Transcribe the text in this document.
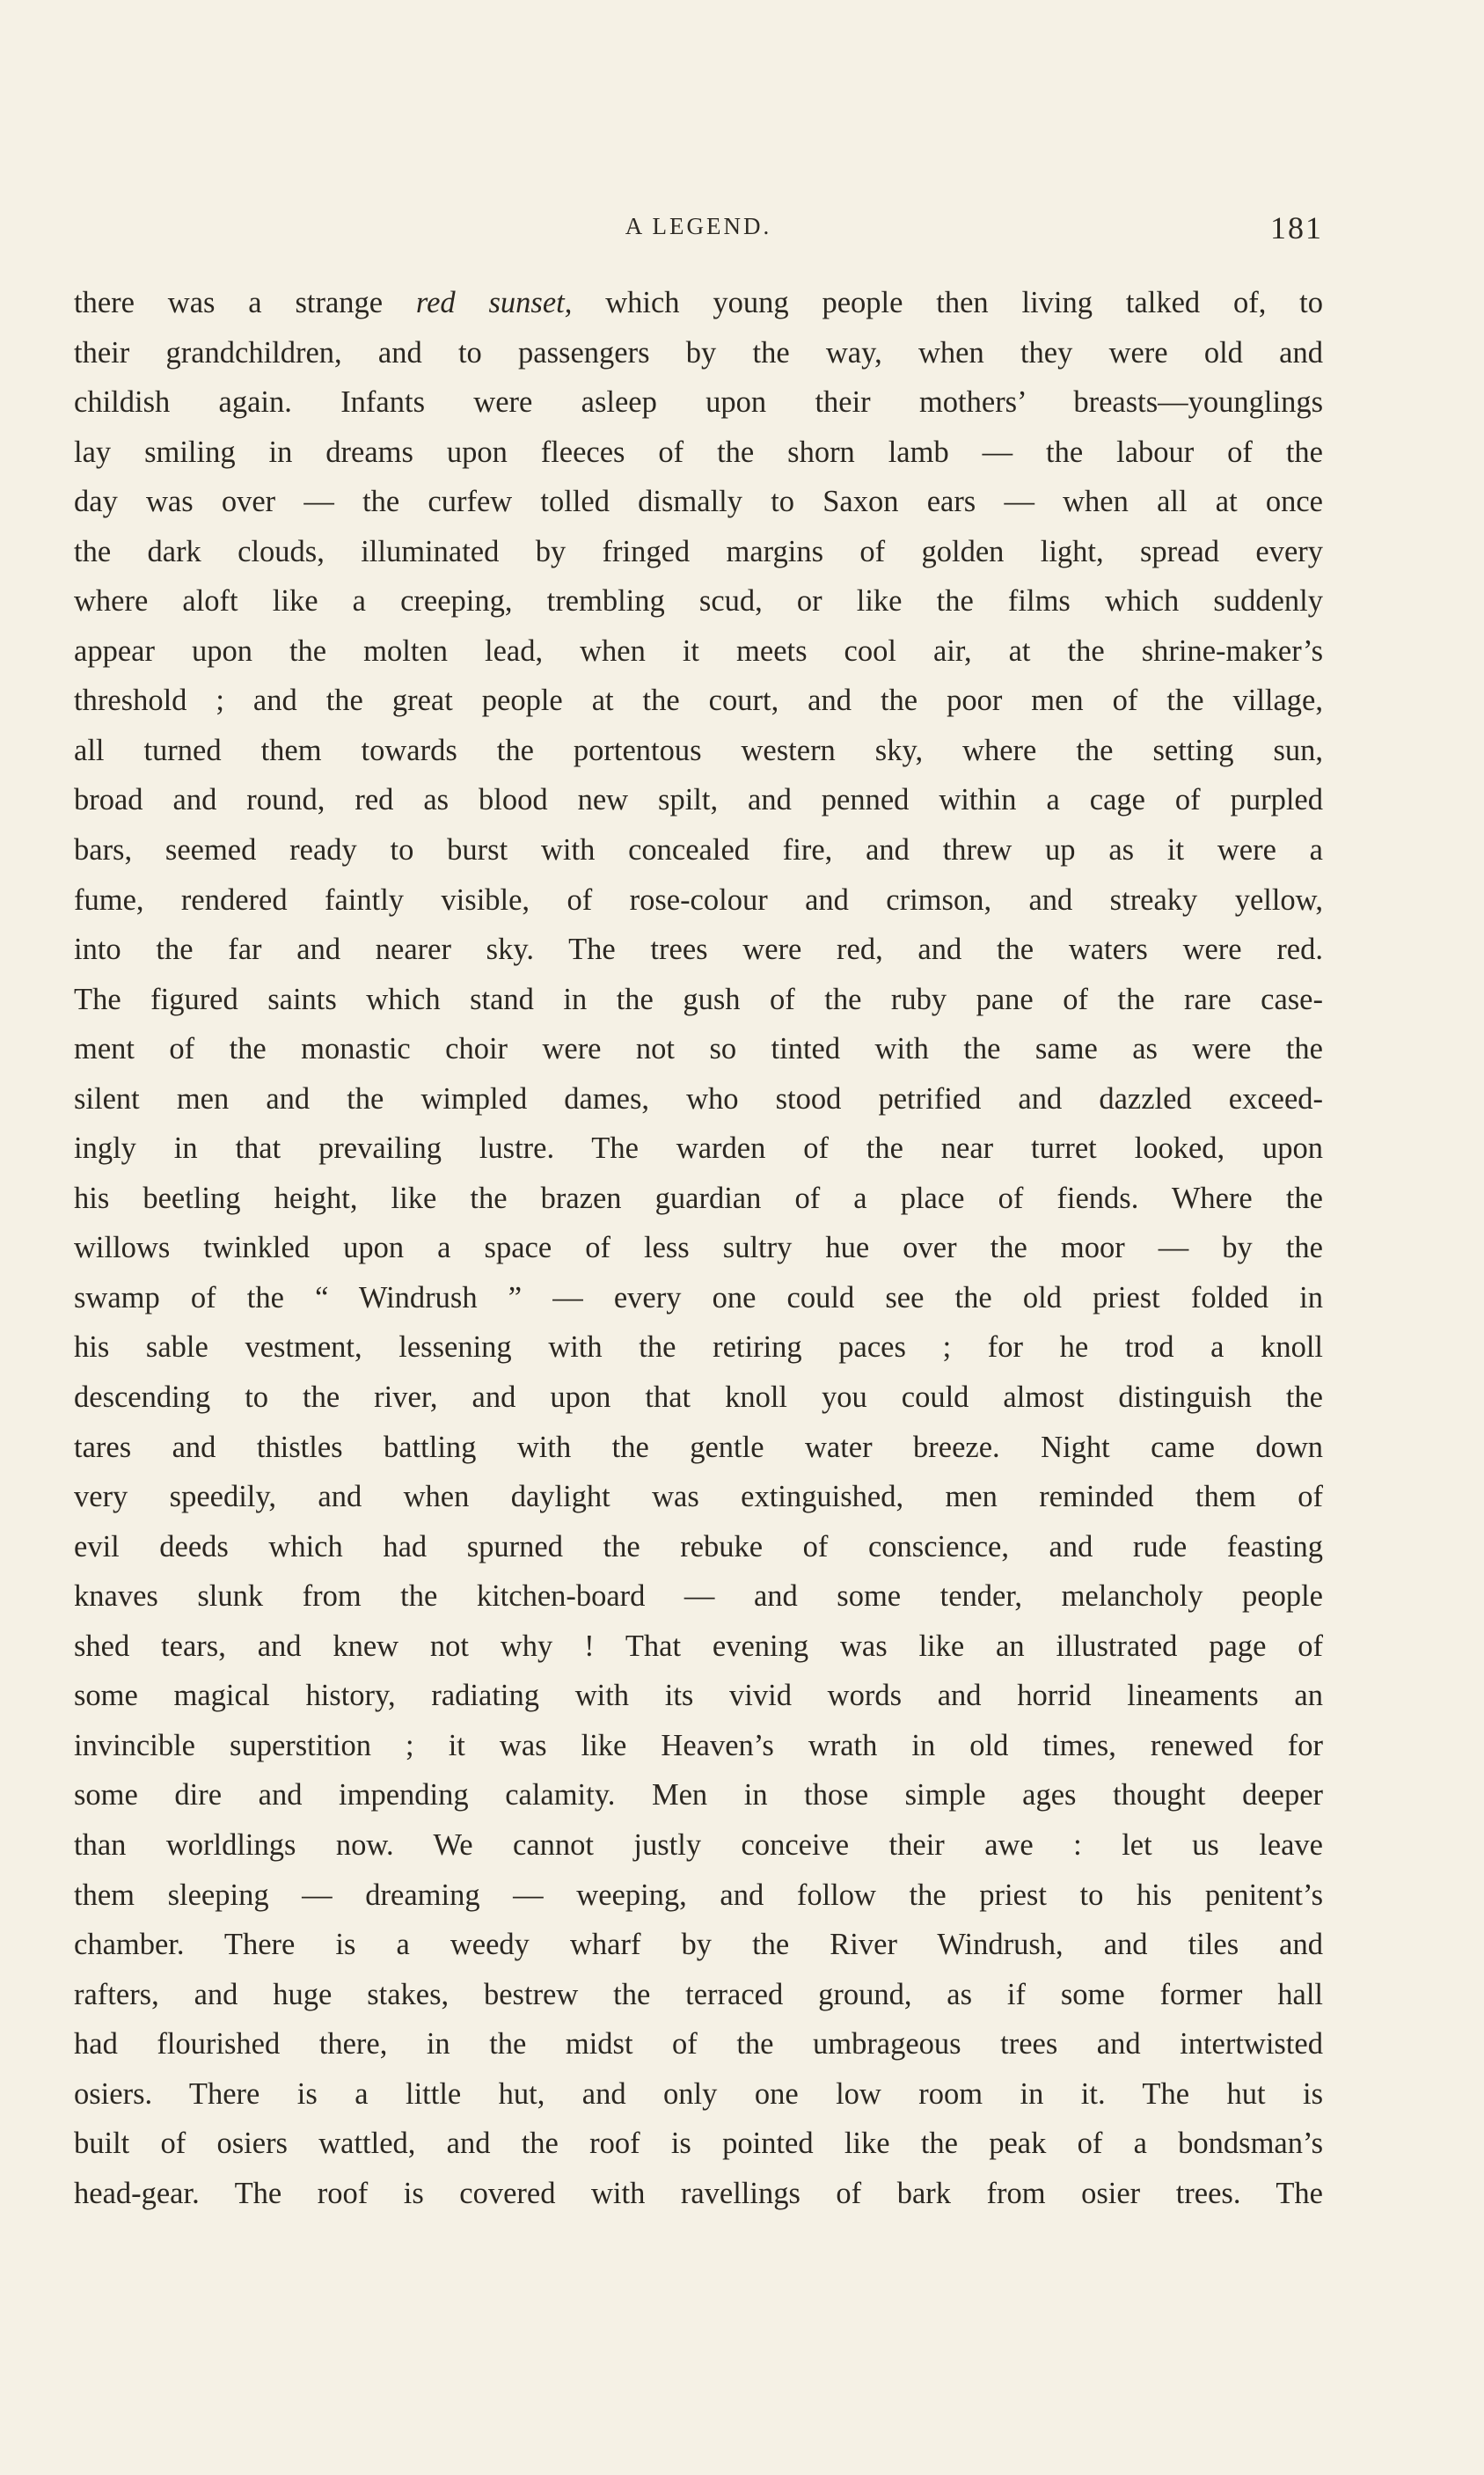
A LEGEND.	181
there was a strange red sunset, which young people then living talked of, to
their grandchildren, and to passengers by the way, when they were old and
childish again. Infants were asleep upon their mothers’ breasts—younglings
lay smiling in dreams upon fleeces of the shorn lamb — the labour of the
day was over — the curfew tolled dismally to Saxon ears — when all at once
the dark clouds, illuminated by fringed margins of golden light, spread every
where aloft like a creeping, trembling scud, or like the films which suddenly
appear upon the molten lead, when it meets cool air, at the shrine-maker’s
threshold ; and the great people at the court, and the poor men of the village,
all turned them towards the portentous western sky, where the setting sun,
broad and round, red as blood new spilt, and penned within a cage of purpled
bars, seemed ready to burst with concealed fire, and threw up as it were a
fume, rendered faintly visible, of rose-colour and crimson, and streaky yellow,
into the far and nearer sky. The trees were red, and the waters were red.
The figured saints which stand in the gush of the ruby pane of the rare case-
ment of the monastic choir were not so tinted with the same as were the
silent men and the wimpled dames, who stood petrified and dazzled exceed-
ingly in that prevailing lustre. The warden of the near turret looked, upon
his beetling height, like the brazen guardian of a place of fiends. Where the
willows twinkled upon a space of less sultry hue over the moor — by the
swamp of the “ Windrush ” — every one could see the old priest folded in
his sable vestment, lessening with the retiring paces ; for he trod a knoll
descending to the river, and upon that knoll you could almost distinguish the
tares and thistles battling with the gentle water breeze. Night came down
very speedily, and when daylight was extinguished, men reminded them of
evil deeds which had spurned the rebuke of conscience, and rude feasting
knaves slunk from the kitchen-board — and some tender, melancholy people
shed tears, and knew not why ! That evening was like an illustrated page of
some magical history, radiating with its vivid words and horrid lineaments an
invincible superstition ; it was like Heaven’s wrath in old times, renewed for
some dire and impending calamity. Men in those simple ages thought deeper
than worldlings now. We cannot justly conceive their awe : let us leave
them sleeping — dreaming — weeping, and follow the priest to his penitent’s
chamber. There is a weedy wharf by the River Windrush, and tiles and
rafters, and huge stakes, bestrew the terraced ground, as if some former hall
had flourished there, in the midst of the umbrageous trees and intertwisted
osiers. There is a little hut, and only one low room in it. The hut is
built of osiers wattled, and the roof is pointed like the peak of a bondsman’s
head-gear. The roof is covered with ravellings of bark from osier trees. The
